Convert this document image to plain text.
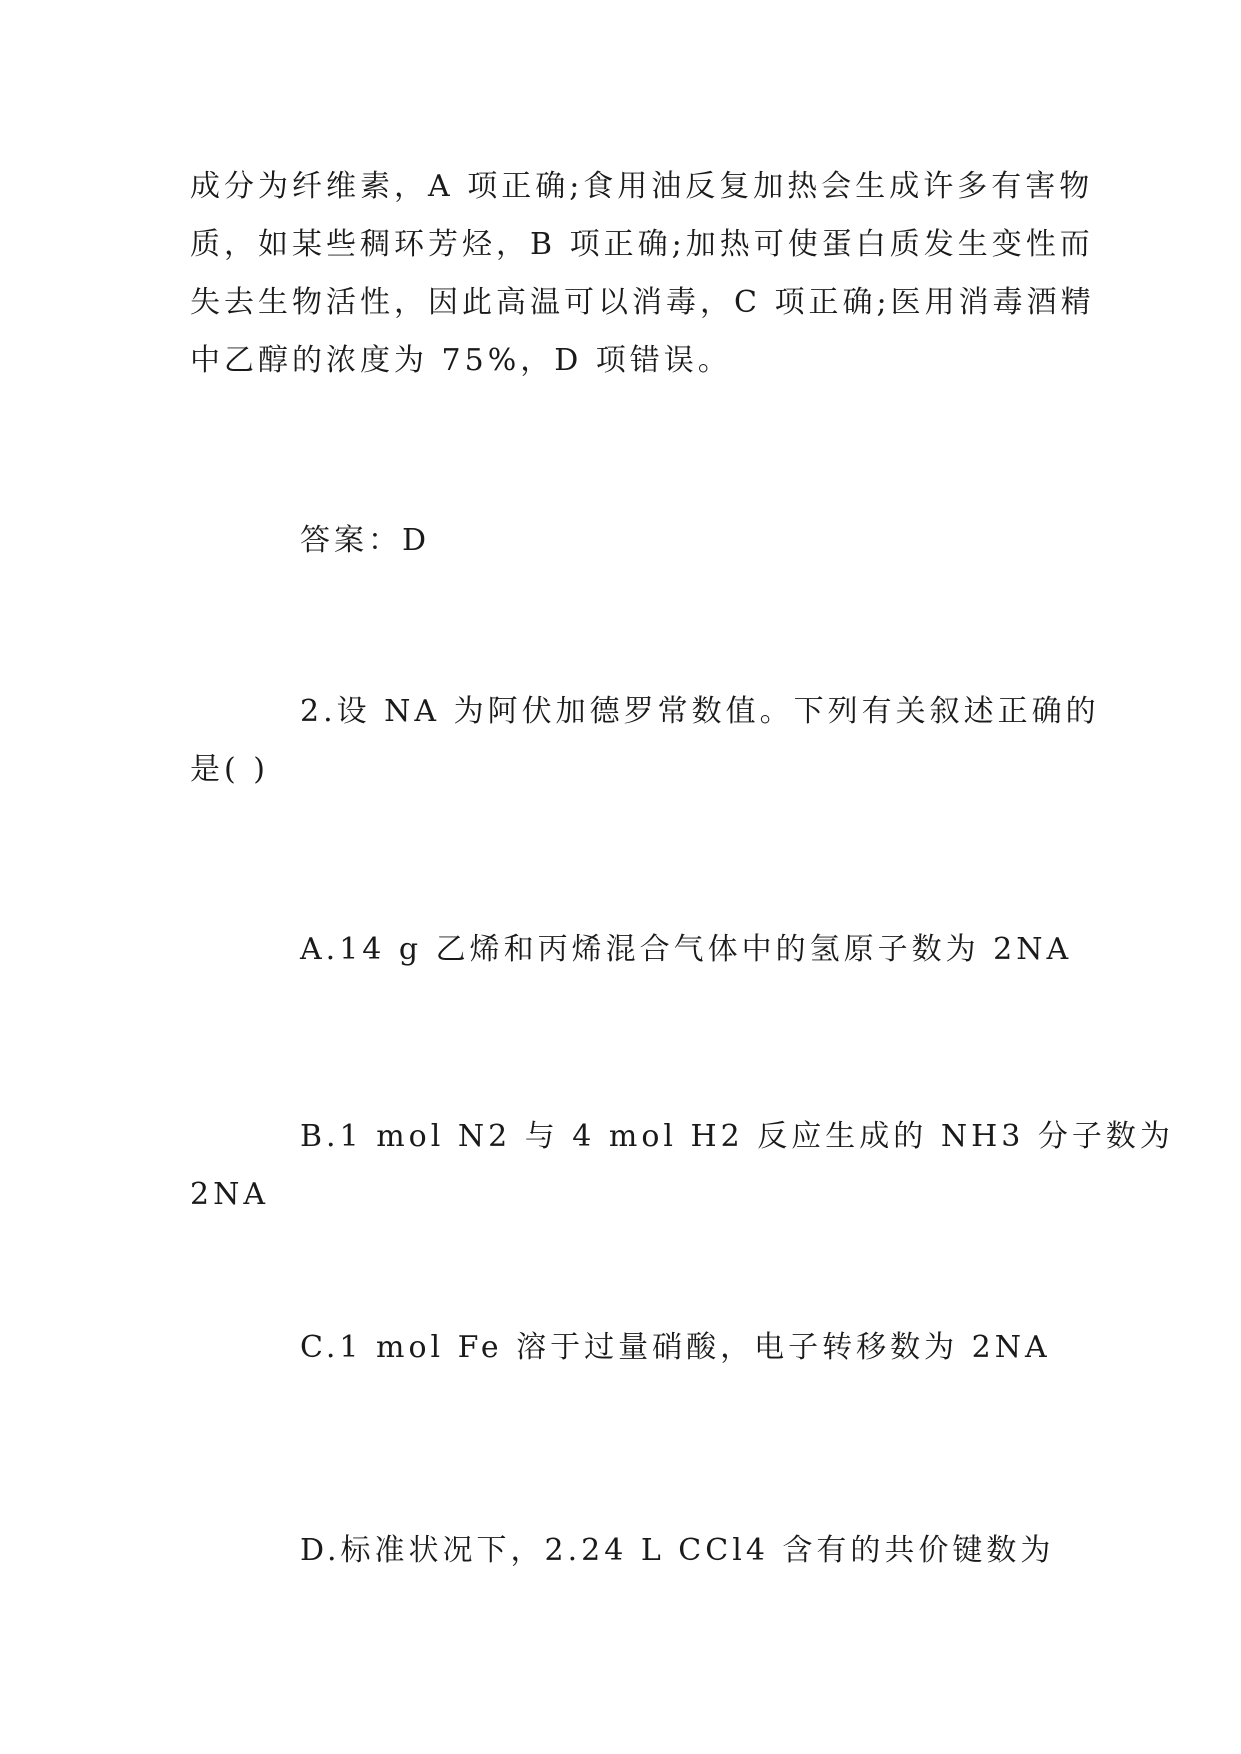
成分为纤维素，A 项正确;食用油反复加热会生成许多有害物
质，如某些稠环芳烃，B 项正确;加热可使蛋白质发生变性而
失去生物活性，因此高温可以消毒，C 项正确;医用消毒酒精
中乙醇的浓度为 75%，D 项错误。
答案：D
2.设 NA 为阿伏加德罗常数值。下列有关叙述正确的
是( )
A.14 g 乙烯和丙烯混合气体中的氢原子数为 2NA
B.1 mol N2 与 4 mol H2 反应生成的 NH3 分子数为
2NA
C.1 mol Fe 溶于过量硝酸，电子转移数为 2NA
D.标准状况下，2.24 L CCl4 含有的共价键数为
